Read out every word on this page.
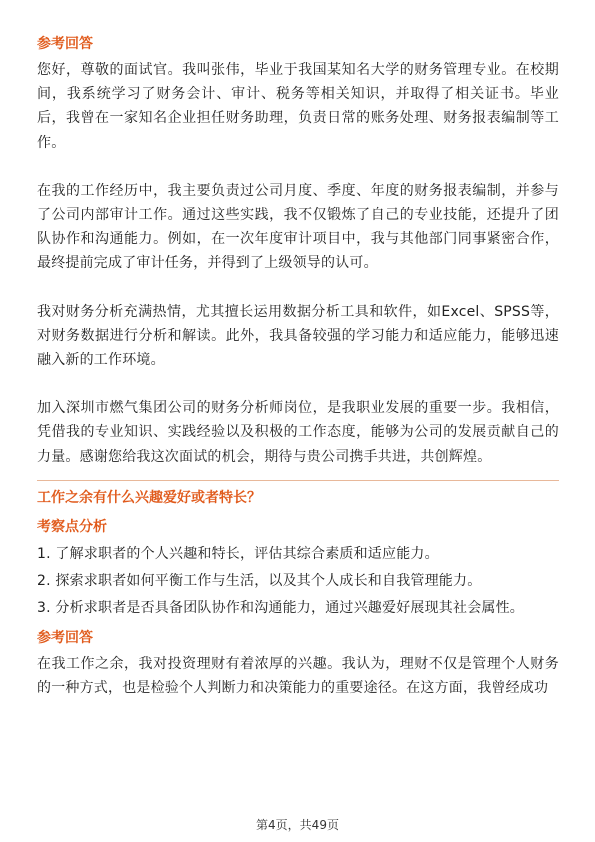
参考回答

您好，尊敬的面试官。我叫张伟，毕业于我国某知名大学的财务管理专业。在校期间，我系统学习了财务会计、审计、税务等相关知识，并取得了相关证书。毕业后，我曾在一家知名企业担任财务助理，负责日常的账务处理、财务报表编制等工作。

在我的工作经历中，我主要负责过公司月度、季度、年度的财务报表编制，并参与了公司内部审计工作。通过这些实践，我不仅锻炼了自己的专业技能，还提升了团队协作和沟通能力。例如，在一次年度审计项目中，我与其他部门同事紧密合作，最终提前完成了审计任务，并得到了上级领导的认可。

我对财务分析充满热情，尤其擅长运用数据分析工具和软件，如Excel、SPSS等，对财务数据进行分析和解读。此外，我具备较强的学习能力和适应能力，能够迅速融入新的工作环境。

加入深圳市燃气集团公司的财务分析师岗位，是我职业发展的重要一步。我相信，凭借我的专业知识、实践经验以及积极的工作态度，能够为公司的发展贡献自己的力量。感谢您给我这次面试的机会，期待与贵公司携手共进，共创辉煌。

工作之余有什么兴趣爱好或者特长？
考察点分析
1. 了解求职者的个人兴趣和特长，评估其综合素质和适应能力。
2. 探索求职者如何平衡工作与生活，以及其个人成长和自我管理能力。
3. 分析求职者是否具备团队协作和沟通能力，通过兴趣爱好展现其社会属性。
参考回答

在我工作之余，我对投资理财有着浓厚的兴趣。我认为，理财不仅是管理个人财务的一种方式，也是检验个人判断力和决策能力的重要途径。在这方面，我曾经成功

第4页，共49页
